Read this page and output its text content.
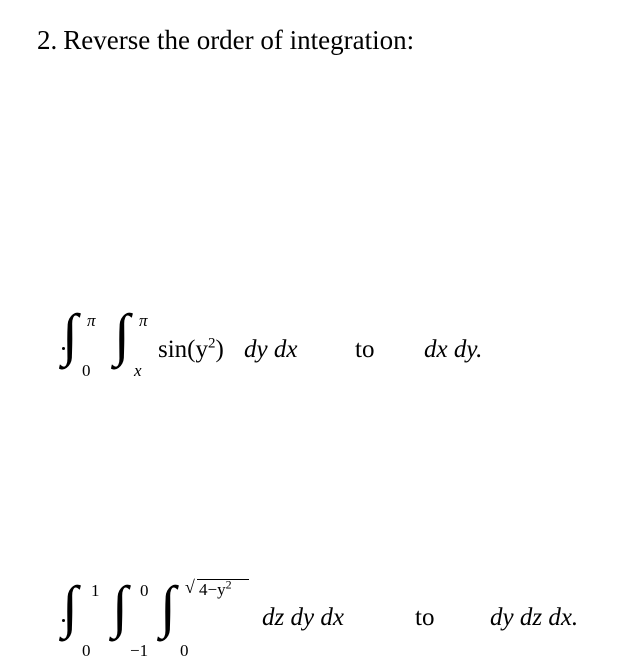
2. Reverse the order of integration:
∫ π
0
∫ π
x
$\sin(y^2)$ dy dx to dx dy.
∫ 1
0
∫ 0
−1
∫ √ $4-y^2$
0
dz dy dx	to dy dz dx.
